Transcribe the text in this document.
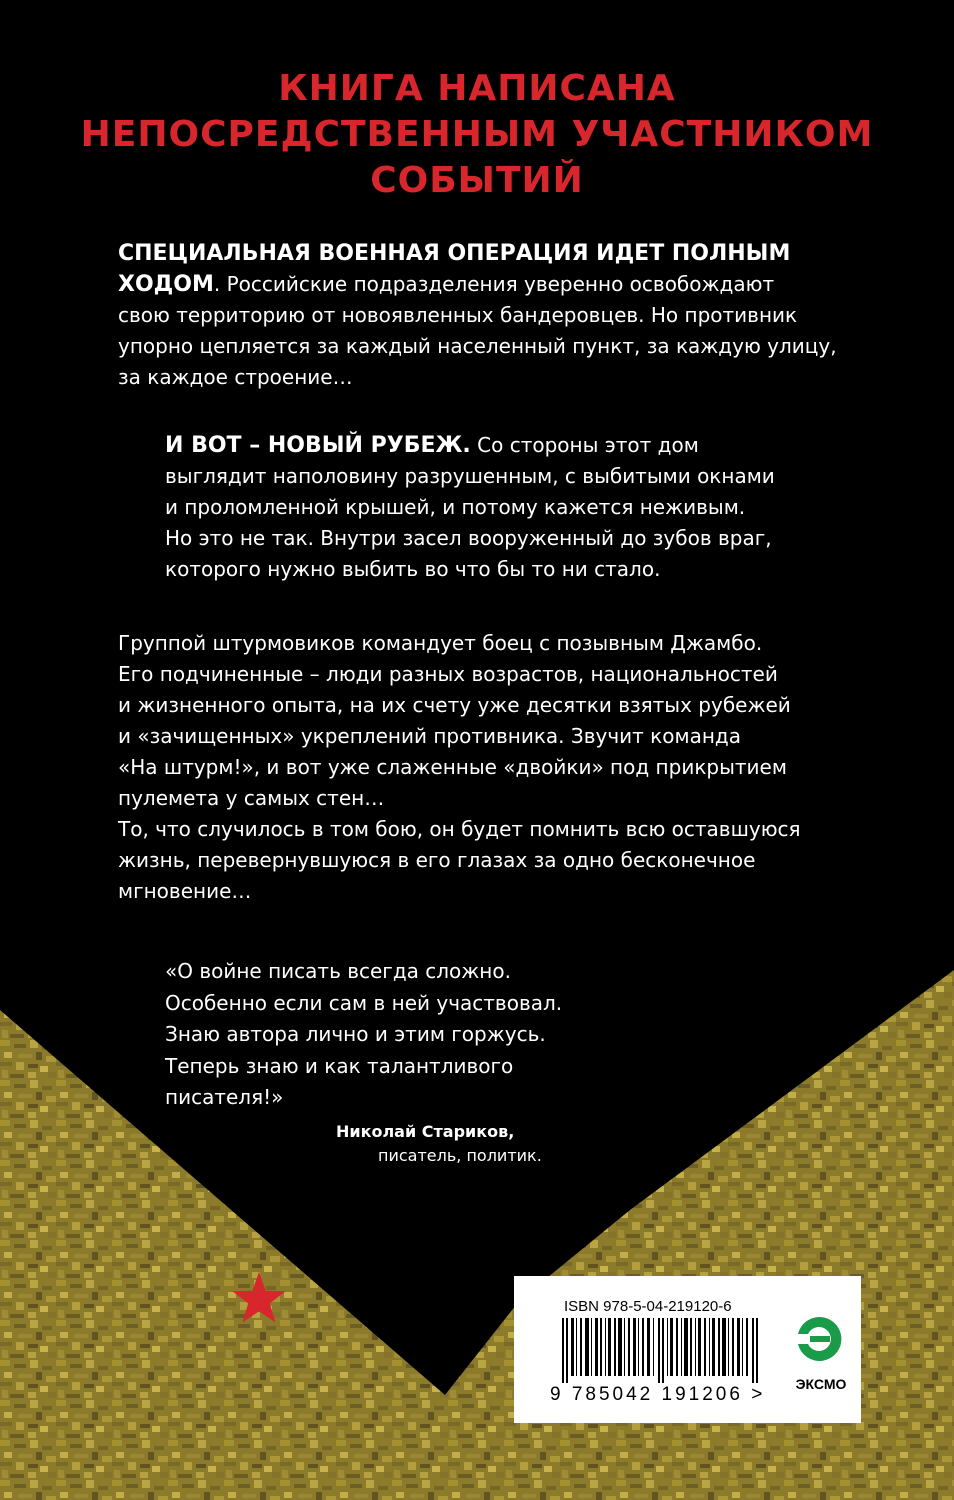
КНИГА НАПИСАНА
НЕПОСРЕДСТВЕННЫМ УЧАСТНИКОМ
СОБЫТИЙ
СПЕЦИАЛЬНАЯ ВОЕННАЯ ОПЕРАЦИЯ ИДЕТ ПОЛНЫМ
ХОДОМ. Российские подразделения уверенно освобождают
свою территорию от новоявленных бандеровцев. Но противник
упорно цепляется за каждый населенный пункт, за каждую улицу,
за каждое строение…
И ВОТ – НОВЫЙ РУБЕЖ. Со стороны этот дом
выглядит наполовину разрушенным, с выбитыми окнами
и проломленной крышей, и потому кажется неживым.
Но это не так. Внутри засел вооруженный до зубов враг,
которого нужно выбить во что бы то ни стало.
Группой штурмовиков командует боец с позывным Джамбо.
Его подчиненные – люди разных возрастов, национальностей
и жизненного опыта, на их счету уже десятки взятых рубежей
и «зачищенных» укреплений противника. Звучит команда
«На штурм!», и вот уже слаженные «двойки» под прикрытием
пулемета у самых стен…
То, что случилось в том бою, он будет помнить всю оставшуюся
жизнь, перевернувшуюся в его глазах за одно бесконечное
мгновение…
«О войне писать всегда сложно.
Особенно если сам в ней участвовал.
Знаю автора лично и этим горжусь.
Теперь знаю и как талантливого
писателя!»
Николай Стариков,
писатель, политик.
ISBN 978-5-04-219120-6
9 785042 191206 >	ЭКСМО
